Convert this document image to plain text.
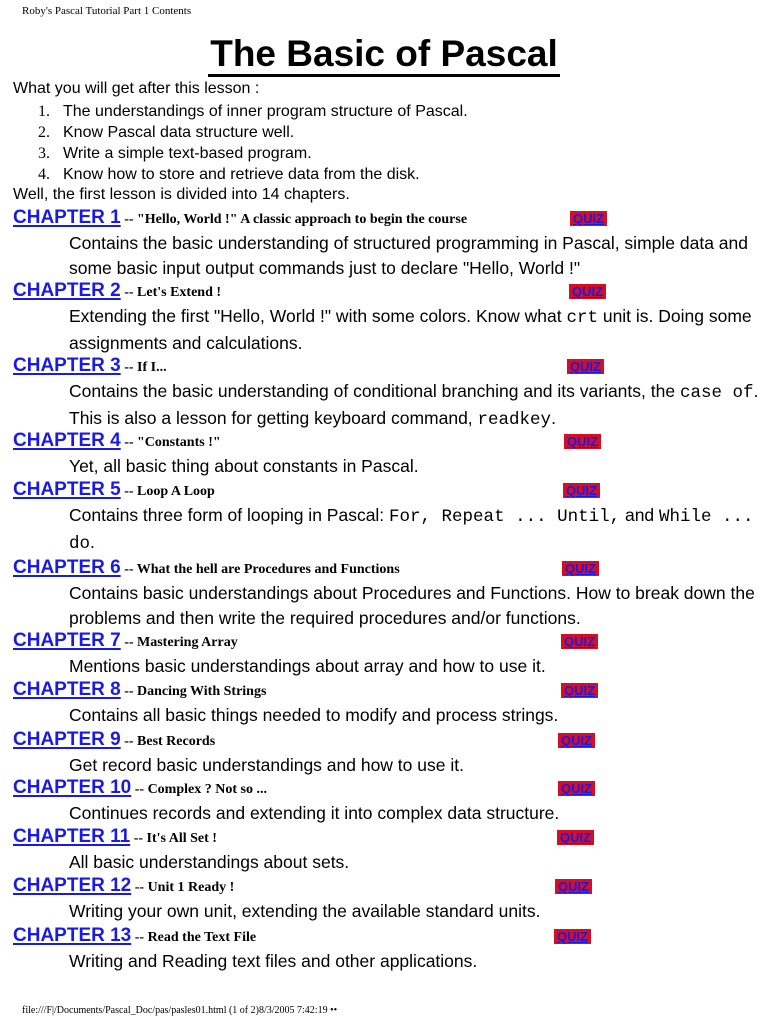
Roby's Pascal Tutorial Part 1 Contents
The Basic of Pascal
What you will get after this lesson :
1. The understandings of inner program structure of Pascal.
2. Know Pascal data structure well.
3. Write a simple text-based program.
4. Know how to store and retrieve data from the disk.
Well, the first lesson is divided into 14 chapters.
CHAPTER 1 -- "Hello, World !" A classic approach to begin the course	QUIZ
Contains the basic understanding of structured programming in Pascal, simple data and some basic input output commands just to declare "Hello, World !"
CHAPTER 2 -- Let's Extend !	QUIZ
Extending the first "Hello, World !" with some colors. Know what crt unit is. Doing some assignments and calculations.
CHAPTER 3 -- If I...	QUIZ
Contains the basic understanding of conditional branching and its variants, the case of. This is also a lesson for getting keyboard command, readkey.
CHAPTER 4 -- "Constants !"	QUIZ
Yet, all basic thing about constants in Pascal.
CHAPTER 5 -- Loop A Loop	QUIZ
Contains three form of looping in Pascal: For, Repeat ... Until, and While ... do.
CHAPTER 6 -- What the hell are Procedures and Functions	QUIZ
Contains basic understandings about Procedures and Functions. How to break down the problems and then write the required procedures and/or functions.
CHAPTER 7 -- Mastering Array	QUIZ
Mentions basic understandings about array and how to use it.
CHAPTER 8 -- Dancing With Strings	QUIZ
Contains all basic things needed to modify and process strings.
CHAPTER 9 -- Best Records	QUIZ
Get record basic understandings and how to use it.
CHAPTER 10 -- Complex ? Not so ...	QUIZ
Continues records and extending it into complex data structure.
CHAPTER 11 -- It's All Set !	QUIZ
All basic understandings about sets.
CHAPTER 12 -- Unit 1 Ready !	QUIZ
Writing your own unit, extending the available standard units.
CHAPTER 13 -- Read the Text File	QUIZ
Writing and Reading text files and other applications.
file:///F|/Documents/Pascal_Doc/pas/pasles01.html (1 of 2)8/3/2005 7:42:19 ••
